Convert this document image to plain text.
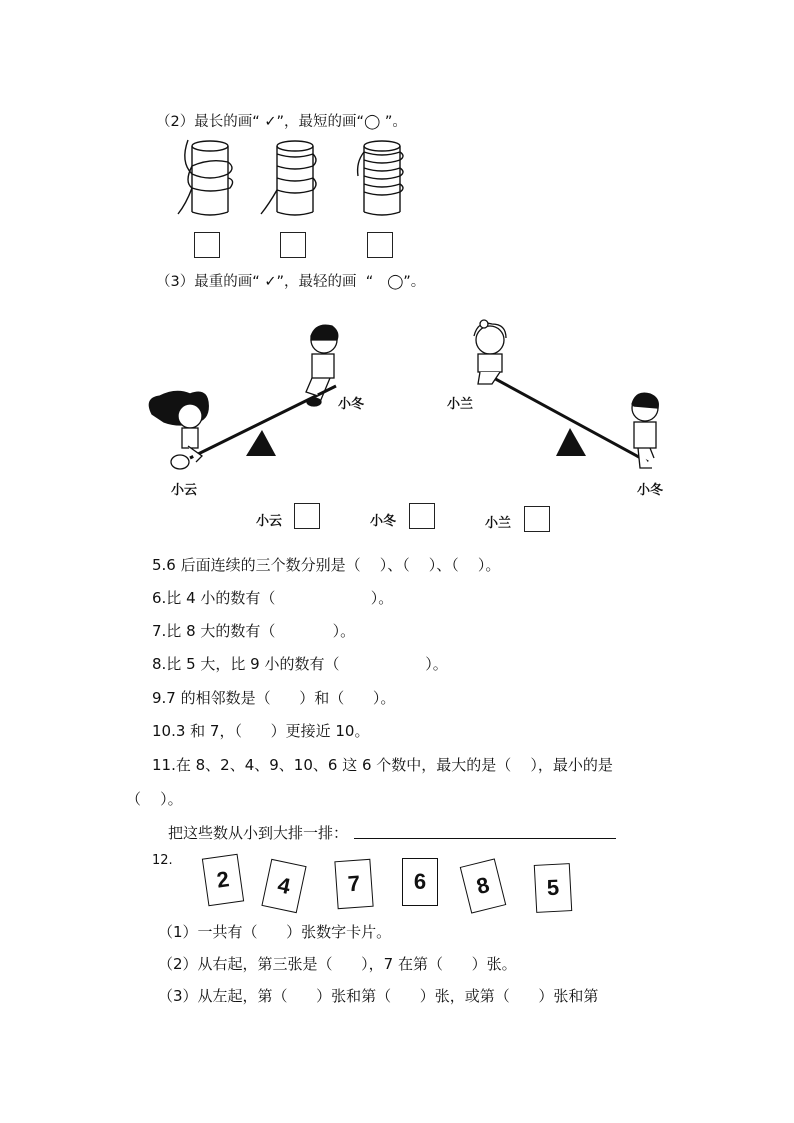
（2）最长的画“ ✓”，最短的画“◯ ”。
（3）最重的画“ ✓”，最轻的画  “   ◯”。
小冬
小云
小兰
小冬
小云	小冬	小兰
5.6 后面连续的三个数分别是（    ）、（    ）、（    ）。
6.比 4 小的数有（                    ）。
7.比 8 大的数有（            ）。
8.比 5 大，比 9 小的数有（                  ）。
9.7 的相邻数是（      ）和（      ）。
10.3 和 7，（      ）更接近 10。
11.在 8、2、4、9、10、6 这 6 个数中，最大的是（    ），最小的是
（    ）。
把这些数从小到大排一排：
12.
2	4	7	6	8	5
（1）一共有（      ）张数字卡片。
（2）从右起，第三张是（      ），7 在第（      ）张。
（3）从左起，第（      ）张和第（      ）张，或第（      ）张和第
